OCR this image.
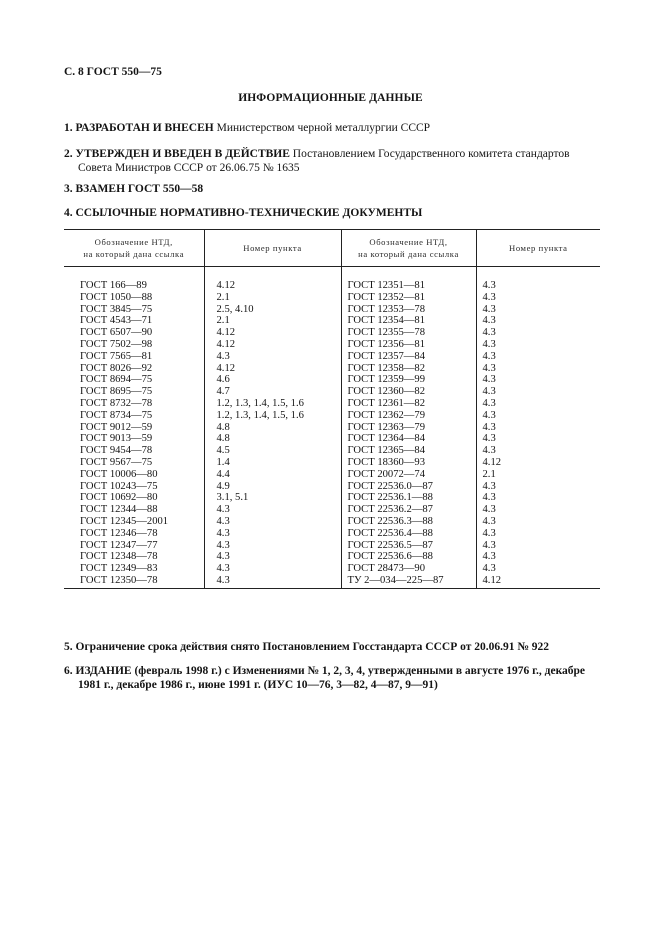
С. 8 ГОСТ 550—75
ИНФОРМАЦИОННЫЕ ДАННЫЕ
1. РАЗРАБОТАН И ВНЕСЕН Министерством черной металлургии СССР
2. УТВЕРЖДЕН И ВВЕДЕН В ДЕЙСТВИЕ Постановлением Государственного комитета стандартов
Совета Министров СССР от 26.06.75 № 1635
3. ВЗАМЕН ГОСТ 550—58
4. ССЫЛОЧНЫЕ НОРМАТИВНО-ТЕХНИЧЕСКИЕ ДОКУМЕНТЫ
Обозначение НТД,
на который дана ссылка	Номер пункта	Обозначение НТД,
на который дана ссылка	Номер пункта
ГОСТ 166—89	4.12	ГОСТ 12351—81	4.3
ГОСТ 1050—88	2.1	ГОСТ 12352—81	4.3
ГОСТ 3845—75	2.5, 4.10	ГОСТ 12353—78	4.3
ГОСТ 4543—71	2.1	ГОСТ 12354—81	4.3
ГОСТ 6507—90	4.12	ГОСТ 12355—78	4.3
ГОСТ 7502—98	4.12	ГОСТ 12356—81	4.3
ГОСТ 7565—81	4.3	ГОСТ 12357—84	4.3
ГОСТ 8026—92	4.12	ГОСТ 12358—82	4.3
ГОСТ 8694—75	4.6	ГОСТ 12359—99	4.3
ГОСТ 8695—75	4.7	ГОСТ 12360—82	4.3
ГОСТ 8732—78	1.2, 1.3, 1.4, 1.5, 1.6	ГОСТ 12361—82	4.3
ГОСТ 8734—75	1.2, 1.3, 1.4, 1.5, 1.6	ГОСТ 12362—79	4.3
ГОСТ 9012—59	4.8	ГОСТ 12363—79	4.3
ГОСТ 9013—59	4.8	ГОСТ 12364—84	4.3
ГОСТ 9454—78	4.5	ГОСТ 12365—84	4.3
ГОСТ 9567—75	1.4	ГОСТ 18360—93	4.12
ГОСТ 10006—80	4.4	ГОСТ 20072—74	2.1
ГОСТ 10243—75	4.9	ГОСТ 22536.0—87	4.3
ГОСТ 10692—80	3.1, 5.1	ГОСТ 22536.1—88	4.3
ГОСТ 12344—88	4.3	ГОСТ 22536.2—87	4.3
ГОСТ 12345—2001	4.3	ГОСТ 22536.3—88	4.3
ГОСТ 12346—78	4.3	ГОСТ 22536.4—88	4.3
ГОСТ 12347—77	4.3	ГОСТ 22536.5—87	4.3
ГОСТ 12348—78	4.3	ГОСТ 22536.6—88	4.3
ГОСТ 12349—83	4.3	ГОСТ 28473—90	4.3
ГОСТ 12350—78	4.3	ТУ 2—034—225—87	4.12
5. Ограничение срока действия снято Постановлением Госстандарта СССР от 20.06.91 № 922
6. ИЗДАНИЕ (февраль 1998 г.) с Изменениями № 1, 2, 3, 4, утвержденными в августе 1976 г., декабре
1981 г., декабре 1986 г., июне 1991 г. (ИУС 10—76, 3—82, 4—87, 9—91)
